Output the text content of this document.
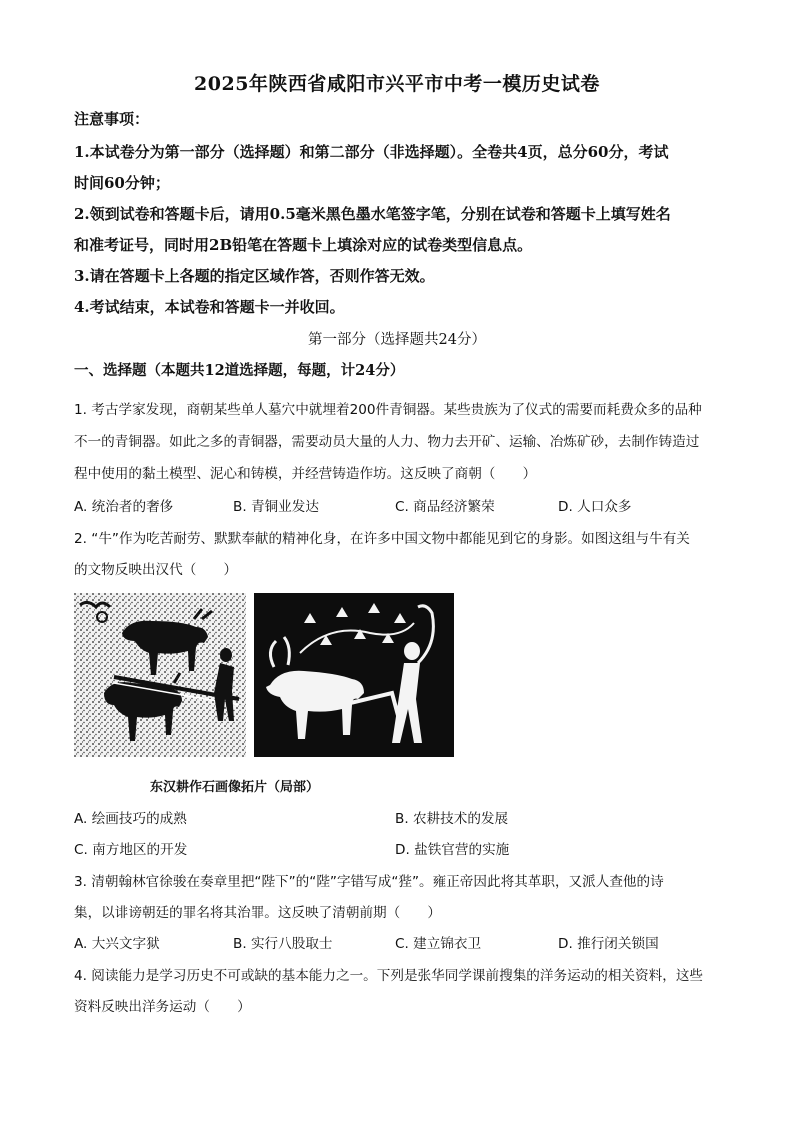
2025年陕西省咸阳市兴平市中考一模历史试卷
注意事项：
1.本试卷分为第一部分（选择题）和第二部分（非选择题）。全卷共4页，总分60分，考试
时间60分钟；
2.领到试卷和答题卡后，请用0.5毫米黑色墨水笔签字笔，分别在试卷和答题卡上填写姓名
和准考证号，同时用2B铅笔在答题卡上填涂对应的试卷类型信息点。
3.请在答题卡上各题的指定区域作答，否则作答无效。
4.考试结束，本试卷和答题卡一并收回。
第一部分（选择题共24分）
一、选择题（本题共12道选择题，每题，计24分）
1. 考古学家发现，商朝某些单人墓穴中就埋着200件青铜器。某些贵族为了仪式的需要而耗费众多的品种
不一的青铜器。如此之多的青铜器，需要动员大量的人力、物力去开矿、运输、冶炼矿砂，去制作铸造过
程中使用的黏土模型、泥心和铸模，并经营铸造作坊。这反映了商朝（　　）
A. 统治者的奢侈	B. 青铜业发达	C. 商品经济繁荣	D. 人口众多
2. “牛”作为吃苦耐劳、默默奉献的精神化身，在许多中国文物中都能见到它的身影。如图这组与牛有关
的文物反映出汉代（　　）
东汉耕作石画像拓片（局部）
A. 绘画技巧的成熟	B. 农耕技术的发展
C. 南方地区的开发	D. 盐铁官营的实施
3. 清朝翰林官徐骏在奏章里把“陛下”的“陛”字错写成“狴”。雍正帝因此将其革职，又派人查他的诗
集，以诽谤朝廷的罪名将其治罪。这反映了清朝前期（　　）
A. 大兴文字狱	B. 实行八股取士	C. 建立锦衣卫	D. 推行闭关锁国
4. 阅读能力是学习历史不可或缺的基本能力之一。下列是张华同学课前搜集的洋务运动的相关资料，这些
资料反映出洋务运动（　　）
